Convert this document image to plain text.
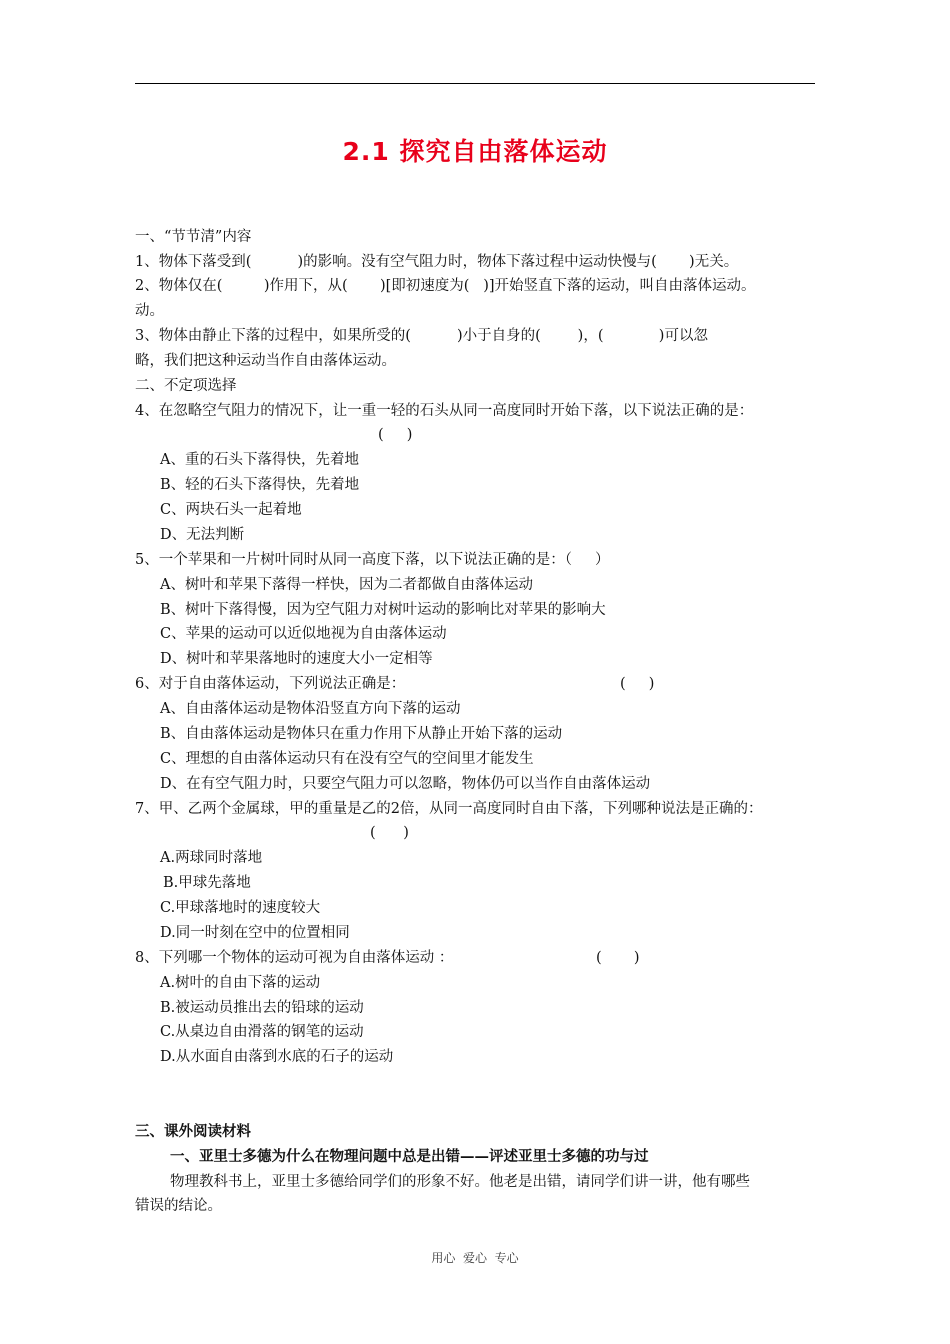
2.1 探究自由落体运动
一、“节节清”内容
1、物体下落受到(          )的影响。没有空气阻力时，物体下落过程中运动快慢与(       )无关。
2、物体仅在(         )作用下，从(       )[即初速度为(   )]开始竖直下落的运动，叫自由落体运动。
动。
3、物体由静止下落的过程中，如果所受的(          )小于自身的(        )，(            )可以忽
略，我们把这种运动当作自由落体运动。
二、不定项选择
4、在忽略空气阻力的情况下，让一重一轻的石头从同一高度同时开始下落，以下说法正确的是：
(     )
A、重的石头下落得快，先着地
B、轻的石头下落得快，先着地
C、两块石头一起着地
D、无法判断
5、一个苹果和一片树叶同时从同一高度下落，以下说法正确的是：（     ）
A、树叶和苹果下落得一样快，因为二者都做自由落体运动
B、树叶下落得慢，因为空气阻力对树叶运动的影响比对苹果的影响大
C、苹果的运动可以近似地视为自由落体运动
D、树叶和苹果落地时的速度大小一定相等
6、对于自由落体运动，下列说法正确是：	(     )
A、自由落体运动是物体沿竖直方向下落的运动
B、自由落体运动是物体只在重力作用下从静止开始下落的运动
C、理想的自由落体运动只有在没有空气的空间里才能发生
D、在有空气阻力时，只要空气阻力可以忽略，物体仍可以当作自由落体运动
7、甲、乙两个金属球，甲的重量是乙的2倍，从同一高度同时自由下落，下列哪种说法是正确的：
(      )
A.两球同时落地
B.甲球先落地
C.甲球落地时的速度较大
D.同一时刻在空中的位置相同
8、下列哪一个物体的运动可视为自由落体运动 ：	(       )
A.树叶的自由下落的运动
B.被运动员推出去的铅球的运动
C.从桌边自由滑落的钢笔的运动
D.从水面自由落到水底的石子的运动
三、课外阅读材料
一、亚里士多德为什么在物理问题中总是出错——评述亚里士多德的功与过
物理教科书上，亚里士多德给同学们的形象不好。他老是出错，请同学们讲一讲，他有哪些
错误的结论。
用心  爱心  专心
